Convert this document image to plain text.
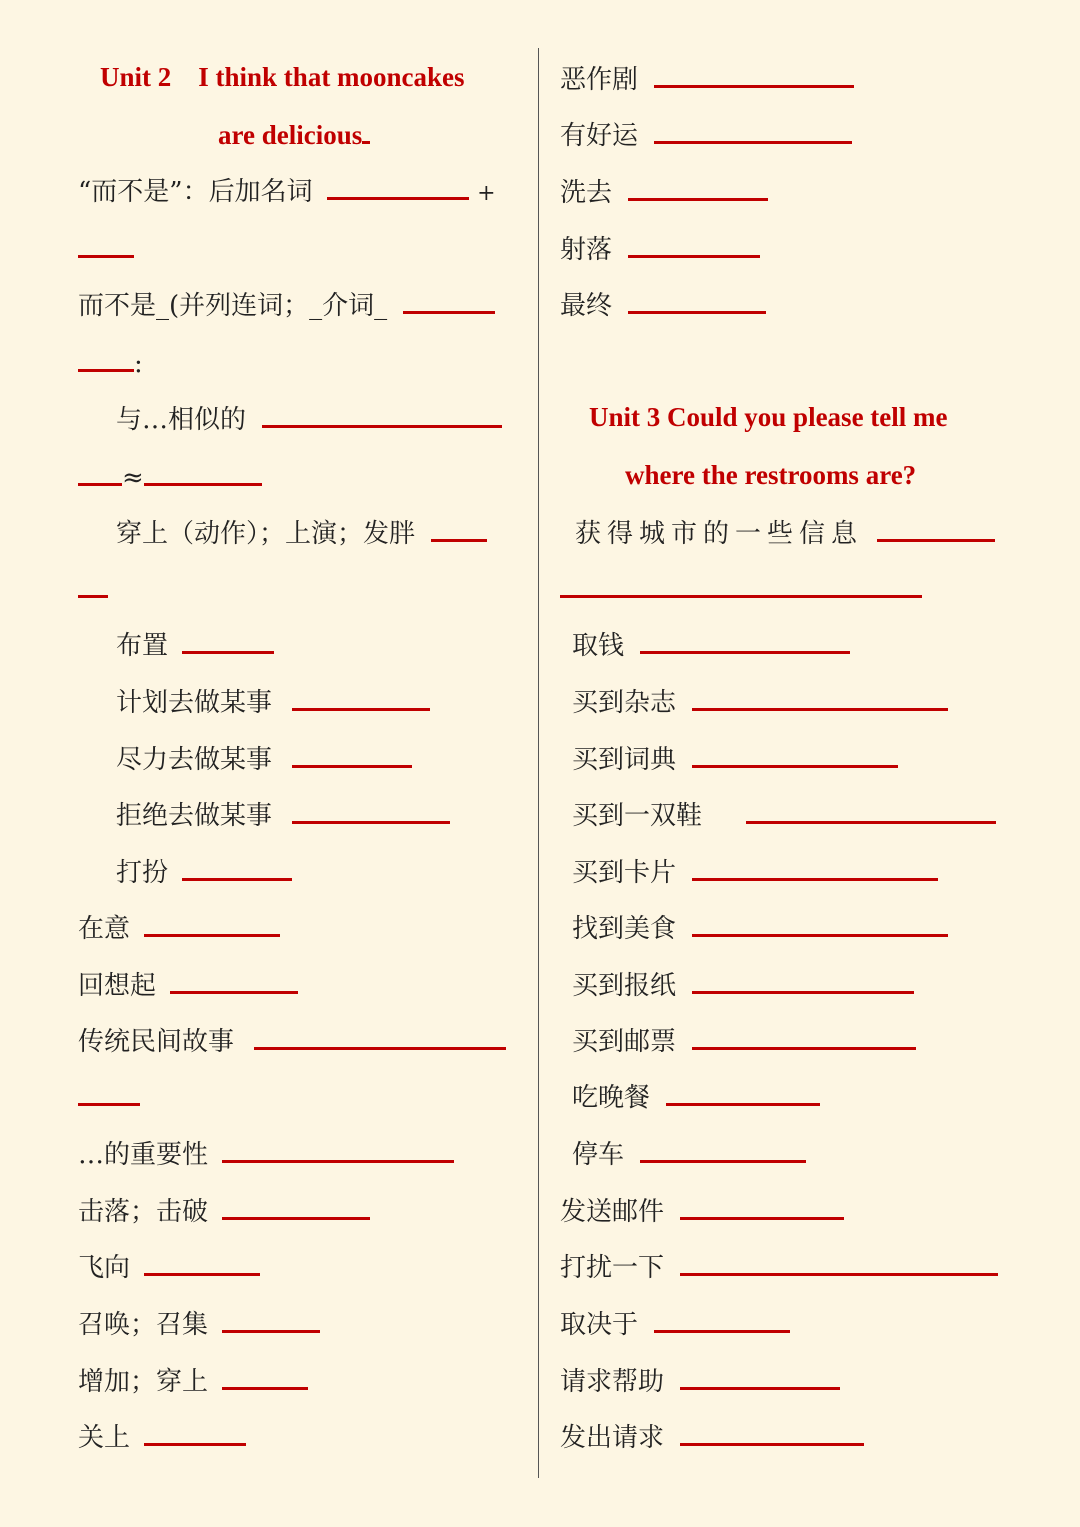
Unit 2    I think that mooncakes
are delicious
“而不是”：后加名词	+
而不是_(并列连词；_介词_
:
与…相似的
≈
穿上（动作）；上演；发胖
布置
计划去做某事
尽力去做某事
拒绝去做某事
打扮
在意
回想起
传统民间故事
…的重要性
击落；击破
飞向
召唤；召集
增加；穿上
关上
恶作剧
有好运
洗去
射落
最终
Unit 3 Could you please tell me
where the restrooms are?
获得城市的一些信息
取钱
买到杂志
买到词典
买到一双鞋
买到卡片
找到美食
买到报纸
买到邮票
吃晚餐
停车
发送邮件
打扰一下
取决于
请求帮助
发出请求
